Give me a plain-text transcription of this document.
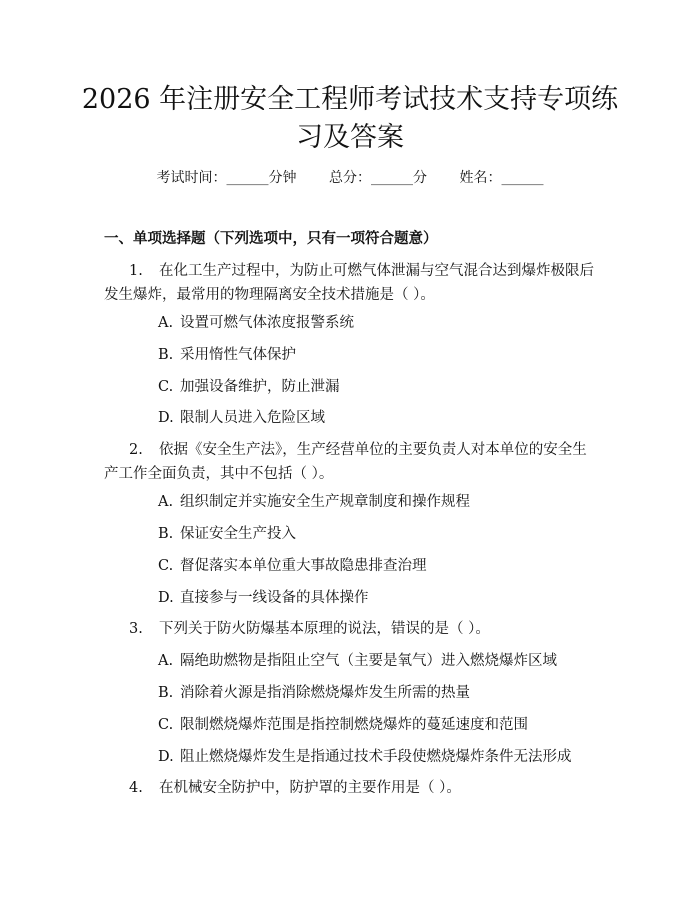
2026 年注册安全工程师考试技术支持专项练
习及答案
考试时间：______分钟 总分：______分 姓名：______
一、单项选择题（下列选项中，只有一项符合题意）

1. 在化工生产过程中，为防止可燃气体泄漏与空气混合达到爆炸极限后发生爆炸，最常用的物理隔离安全技术措施是（ ）。

A. 设置可燃气体浓度报警系统
B. 采用惰性气体保护
C. 加强设备维护，防止泄漏
D. 限制人员进入危险区域

2. 依据《安全生产法》，生产经营单位的主要负责人对本单位的安全生产工作全面负责，其中不包括（ ）。

A. 组织制定并实施安全生产规章制度和操作规程
B. 保证安全生产投入
C. 督促落实本单位重大事故隐患排查治理
D. 直接参与一线设备的具体操作

3. 下列关于防火防爆基本原理的说法，错误的是（ ）。

A. 隔绝助燃物是指阻止空气（主要是氧气）进入燃烧爆炸区域
B. 消除着火源是指消除燃烧爆炸发生所需的热量
C. 限制燃烧爆炸范围是指控制燃烧爆炸的蔓延速度和范围
D. 阻止燃烧爆炸发生是指通过技术手段使燃烧爆炸条件无法形成

4. 在机械安全防护中，防护罩的主要作用是（ ）。
